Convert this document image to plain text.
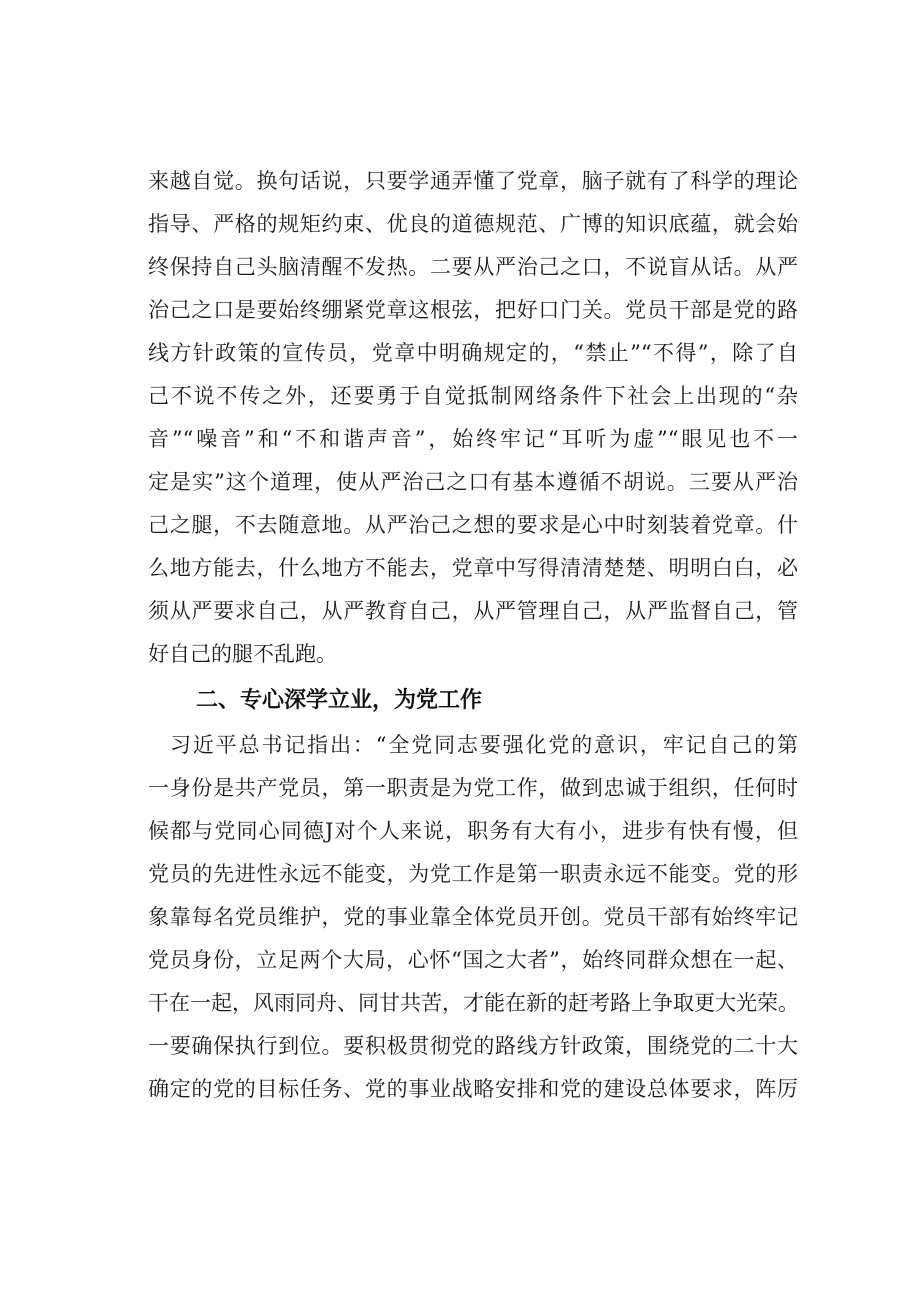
来越自觉。换句话说，只要学通弄懂了党章，脑子就有了科学的理论
指导、严格的规矩约束、优良的道德规范、广博的知识底蕴，就会始
终保持自己头脑清醒不发热。二要从严治己之口，不说盲从话。从严
治己之口是要始终绷紧党章这根弦，把好口门关。党员干部是党的路
线方针政策的宣传员，党章中明确规定的，“禁止”“不得”，除了自
己不说不传之外，还要勇于自觉抵制网络条件下社会上出现的“杂
音”“噪音”和“不和谐声音”，始终牢记“耳听为虚”“眼见也不一
定是实”这个道理，使从严治己之口有基本遵循不胡说。三要从严治
己之腿，不去随意地。从严治己之想的要求是心中时刻装着党章。什
么地方能去，什么地方不能去，党章中写得清清楚楚、明明白白，必
须从严要求自己，从严教育自己，从严管理自己，从严监督自己，管
好自己的腿不乱跑。
二、专心深学立业，为党工作
习近平总书记指出：“全党同志要强化党的意识，牢记自己的第
一身份是共产党员，第一职责是为党工作，做到忠诚于组织，任何时
候都与党同心同德J对个人来说，职务有大有小，进步有快有慢，但
党员的先进性永远不能变，为党工作是第一职责永远不能变。党的形
象靠每名党员维护，党的事业靠全体党员开创。党员干部有始终牢记
党员身份，立足两个大局，心怀“国之大者”，始终同群众想在一起、
干在一起，风雨同舟、同甘共苦，才能在新的赶考路上争取更大光荣。
一要确保执行到位。要积极贯彻党的路线方针政策，围绕党的二十大
确定的党的目标任务、党的事业战略安排和党的建设总体要求，阵厉
